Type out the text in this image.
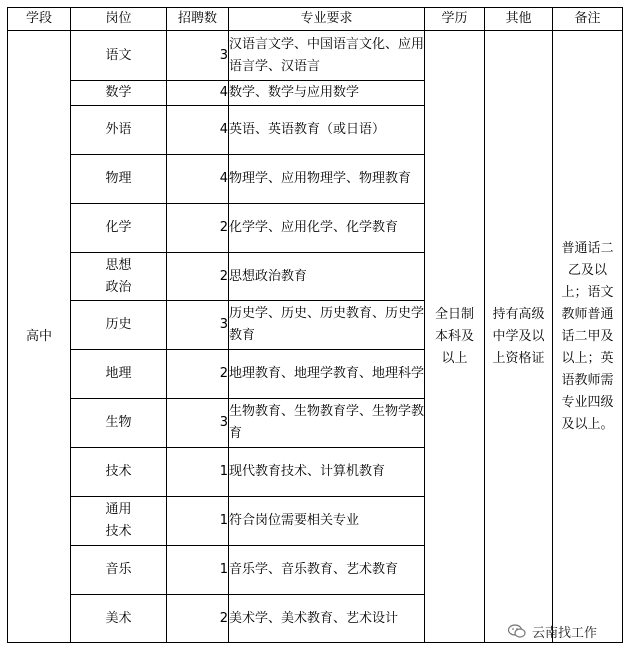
学段	岗位	招聘数	专业要求	学历	其他	备注
高中	语文	3	汉语言文学、中国语言文化、应用语言学、汉语言	全日制本科及以上	持有高级中学及以上资格证	普通话二乙及以上；语文教师普通话二甲及以上；英语教师需专业四级及以上。

	数学	4	数学、数学与应用数学			
	外语	4	英语、英语教育（或日语）			
	物理	4	物理学、应用物理学、物理教育			
	化学	2	化学学、应用化学、化学教育			

	思想政治	2	思想政治教育			
	历史	3	历史学、历史、历史教育、历史学教育			
	地理	2	地理教育、地理学教育、地理科学			
	生物	3	生物教育、生物教育学、生物学教育			
	技术	1	现代教育技术、计算机教育			

	通用技术	1	符合岗位需要相关专业			
	音乐	1	音乐学、音乐教育、艺术教育			
	美术	2	美术学、美术教育、艺术设计			
云南找工作
